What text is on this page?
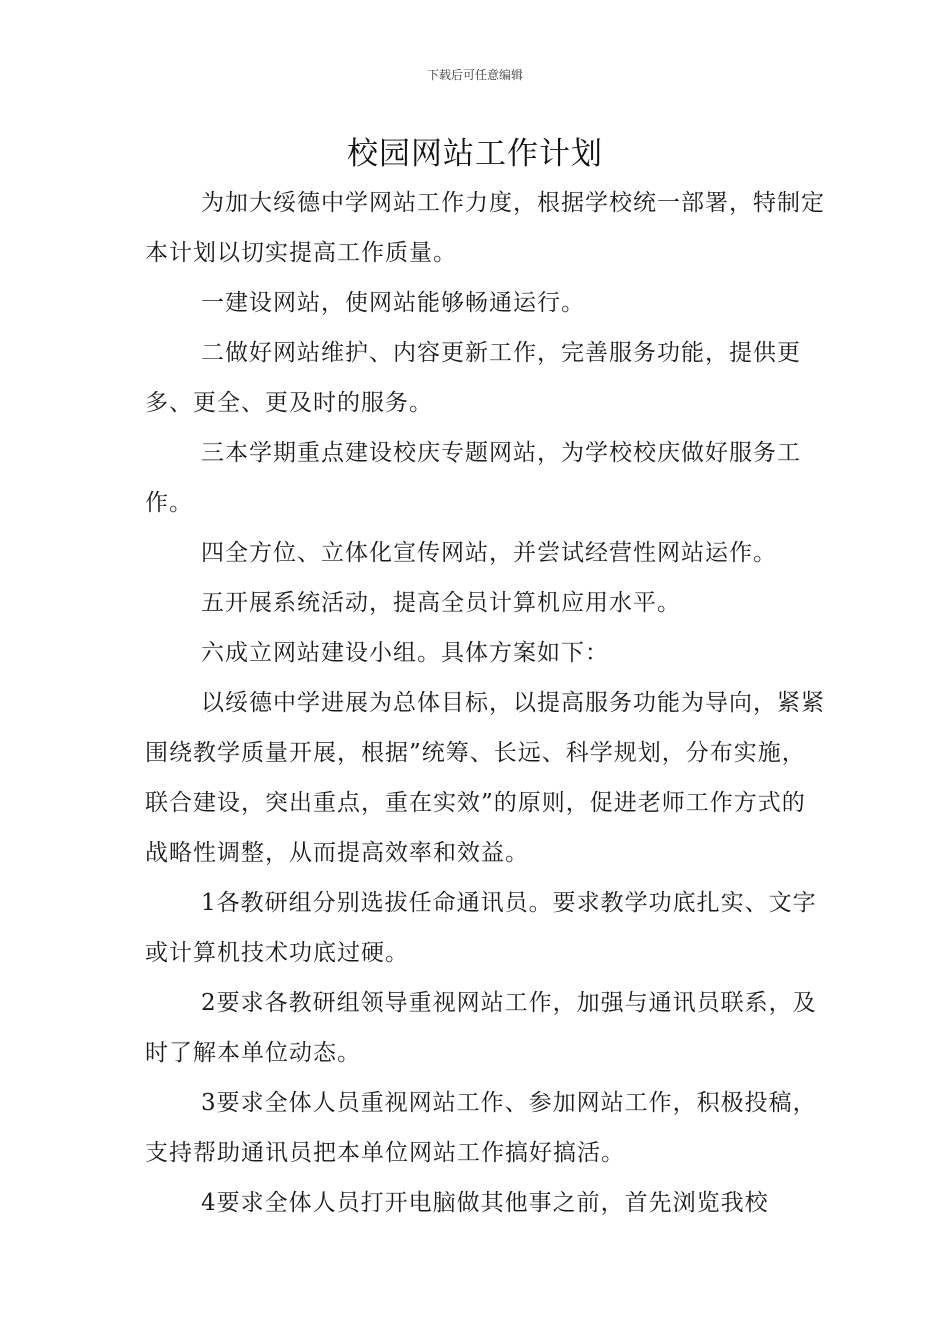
下载后可任意编辑
校园网站工作计划

为加大绥德中学网站工作力度，根据学校统一部署，特制定本计划以切实提高工作质量。

一建设网站，使网站能够畅通运行。

二做好网站维护、内容更新工作，完善服务功能，提供更多、更全、更及时的服务。

三本学期重点建设校庆专题网站，为学校校庆做好服务工作。

四全方位、立体化宣传网站，并尝试经营性网站运作。

五开展系统活动，提高全员计算机应用水平。

六成立网站建设小组。具体方案如下：

以绥德中学进展为总体目标，以提高服务功能为导向，紧紧围绕教学质量开展，根据”统筹、长远、科学规划，分布实施，联合建设，突出重点，重在实效”的原则，促进老师工作方式的战略性调整，从而提高效率和效益。

1各教研组分别选拔任命通讯员。要求教学功底扎实、文字或计算机技术功底过硬。

2要求各教研组领导重视网站工作，加强与通讯员联系，及时了解本单位动态。

3要求全体人员重视网站工作、参加网站工作，积极投稿，支持帮助通讯员把本单位网站工作搞好搞活。

4要求全体人员打开电脑做其他事之前，首先浏览我校
